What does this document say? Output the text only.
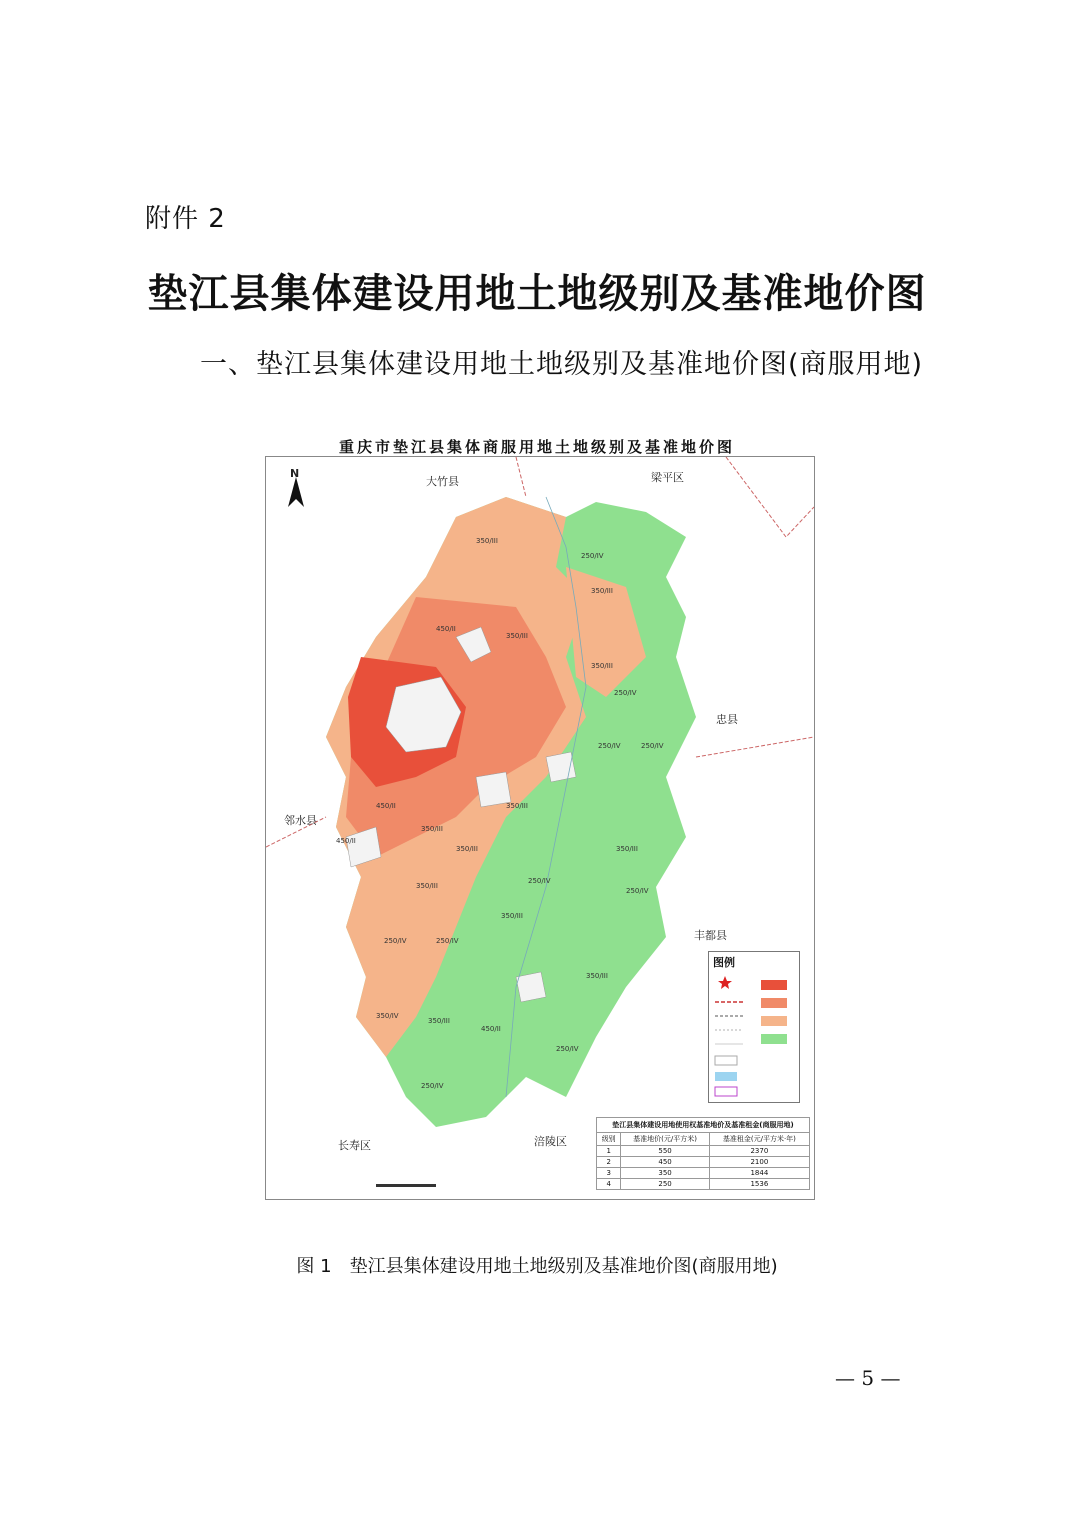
附件 2
垫江县集体建设用地土地级别及基准地价图
一、垫江县集体建设用地土地级别及基准地价图(商服用地)
重庆市垫江县集体商服用地土地级别及基准地价图
N
大竹县	梁平区
忠县
丰都县
邻水县
长寿区	涪陵区
350/III
250/IV
350/III
450/II
350/III
350/III
250/IV
250/IV	250/IV
350/III
450/II
350/III
450/II
350/III	350/III
250/IV
350/III
250/IV
350/III
250/IV
350/IV
350/III
450/II
250/IV
250/IV
350/III
250/IV
图例
垫江县集体建设用地使用权基准地价及基准租金(商服用地)
级别	基准地价(元/平方米)	基准租金(元/平方米·年)
1	550	2370
2	450	2100
3	350	1844
4	250	1536
图 1　垫江县集体建设用地土地级别及基准地价图(商服用地)
— 5 —
